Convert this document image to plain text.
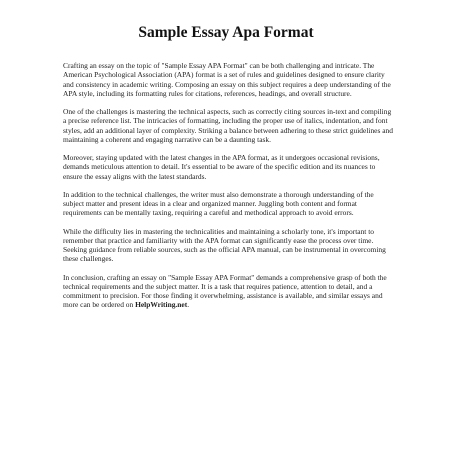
Sample Essay Apa Format

Crafting an essay on the topic of "Sample Essay APA Format" can be both challenging and intricate. The American Psychological Association (APA) format is a set of rules and guidelines designed to ensure clarity and consistency in academic writing. Composing an essay on this subject requires a deep understanding of the APA style, including its formatting rules for citations, references, headings, and overall structure.

One of the challenges is mastering the technical aspects, such as correctly citing sources in-text and compiling a precise reference list. The intricacies of formatting, including the proper use of italics, indentation, and font styles, add an additional layer of complexity. Striking a balance between adhering to these strict guidelines and maintaining a coherent and engaging narrative can be a daunting task.

Moreover, staying updated with the latest changes in the APA format, as it undergoes occasional revisions, demands meticulous attention to detail. It's essential to be aware of the specific edition and its nuances to ensure the essay aligns with the latest standards.

In addition to the technical challenges, the writer must also demonstrate a thorough understanding of the subject matter and present ideas in a clear and organized manner. Juggling both content and format requirements can be mentally taxing, requiring a careful and methodical approach to avoid errors.

While the difficulty lies in mastering the technicalities and maintaining a scholarly tone, it's important to remember that practice and familiarity with the APA format can significantly ease the process over time. Seeking guidance from reliable sources, such as the official APA manual, can be instrumental in overcoming these challenges.

In conclusion, crafting an essay on "Sample Essay APA Format" demands a comprehensive grasp of both the technical requirements and the subject matter. It is a task that requires patience, attention to detail, and a commitment to precision. For those finding it overwhelming, assistance is available, and similar essays and more can be ordered on HelpWriting.net.
